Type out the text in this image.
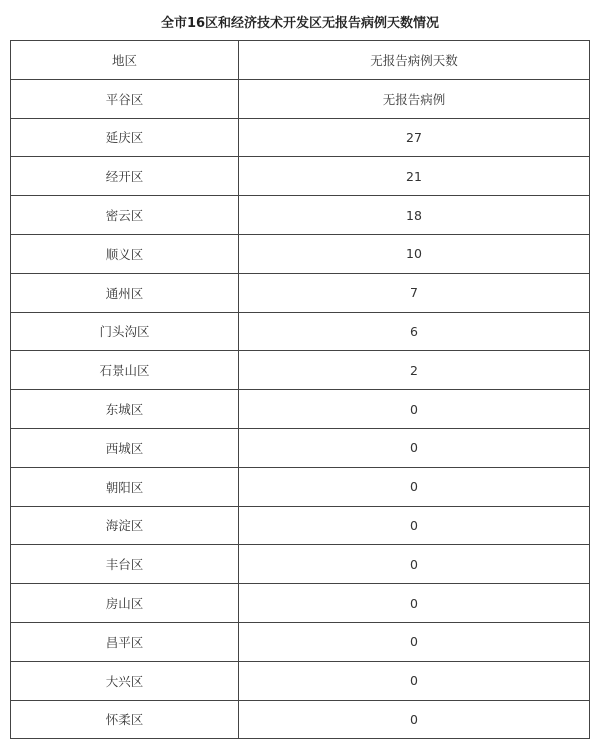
全市16区和经济技术开发区无报告病例天数情况
地区	无报告病例天数
平谷区	无报告病例
延庆区	27
经开区	21
密云区	18
顺义区	10
通州区	7
门头沟区	6
石景山区	2
东城区	0
西城区	0
朝阳区	0
海淀区	0
丰台区	0
房山区	0
昌平区	0
大兴区	0
怀柔区	0
